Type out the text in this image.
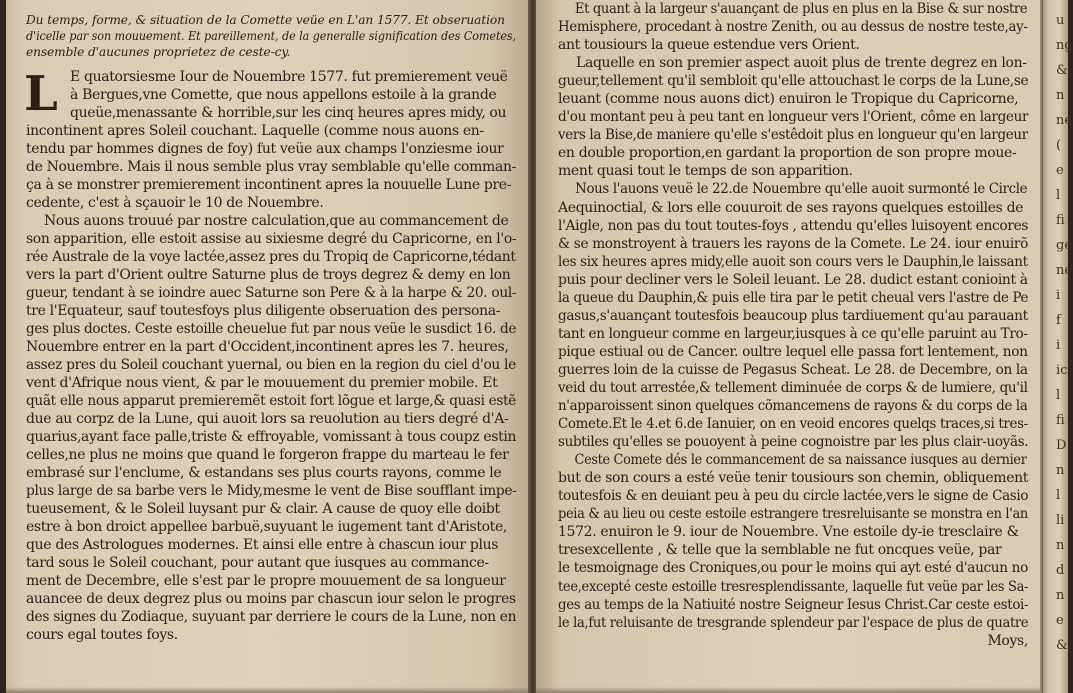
Du temps, forme, & situation de la Comette veüe en L'an 1577. Et obseruation
d'icelle par son mouuement. Et pareillement, de la generalle signification des Cometes,
ensemble d'aucunes proprietez de ceste-cy.
L E quatorsiesme Iour de Nouembre 1577. fut premierement veuë
à Bergues,vne Comette, que nous appellons estoile à la grande
queüe,menassante & horrible,sur les cinq heures apres midy, ou
incontinent apres Soleil couchant. Laquelle (comme nous auons en-
tendu par hommes dignes de foy) fut veüe aux champs l'onziesme iour
de Nouembre. Mais il nous semble plus vray semblable qu'elle comman-
ça à se monstrer premierement incontinent apres la nouuelle Lune pre-
cedente, c'est à sçauoir le 10 de Nouembre.
Nous auons trouué par nostre calculation,que au commancement de
son apparition, elle estoit assise au sixiesme degré du Capricorne, en l'o-
rée Australe de la voye lactée,assez pres du Tropiq de Capricorne,tédant
vers la part d'Orient oultre Saturne plus de troys degrez & demy en lon
gueur, tendant à se ioindre auec Saturne son Pere & à la harpe & 20. oul-
tre l'Equateur, sauf toutesfoys plus diligente obseruation des persona-
ges plus doctes. Ceste estoille cheuelue fut par nous veüe le susdict 16. de
Nouembre entrer en la part d'Occident,incontinent apres les 7. heures,
assez pres du Soleil couchant yuernal, ou bien en la region du ciel d'ou le
vent d'Afrique nous vient, & par le mouuement du premier mobile. Et
quãt elle nous apparut premieremẽt estoit fort lõgue et large,& quasi estẽ
due au corpz de la Lune, qui auoit lors sa reuolution au tiers degré d'A-
quarius,ayant face palle,triste & effroyable, vomissant à tous coupz estin
celles,ne plus ne moins que quand le forgeron frappe du marteau le fer
embrasé sur l'enclume, & estandans ses plus courts rayons, comme le
plus large de sa barbe vers le Midy,mesme le vent de Bise soufflant impe-
tueusement, & le Soleil luysant pur & clair. A cause de quoy elle doibt
estre à bon droict appellee barbuë,suyuant le iugement tant d'Aristote,
que des Astrologues modernes. Et ainsi elle entre à chascun iour plus
tard sous le Soleil couchant, pour autant que iusques au commance-
ment de Decembre, elle s'est par le propre mouuement de sa longueur
auancee de deux degrez plus ou moins par chascun iour selon le progres
des signes du Zodiaque, suyuant par derriere le cours de la Lune, non en
cours egal toutes foys.
Et quant à la largeur s'auançant de plus en plus en la Bise & sur nostre
Hemisphere, procedant à nostre Zenith, ou au dessus de nostre teste,ay-
ant tousiours la queue estendue vers Orient.
Laquelle en son premier aspect auoit plus de trente degrez en lon-
gueur,tellement qu'il sembloit qu'elle attouchast le corps de la Lune,se
leuant (comme nous auons dict) enuiron le Tropique du Capricorne,
d'ou montant peu à peu tant en longueur vers l'Orient, côme en largeur
vers la Bise,de maniere qu'elle s'estêdoit plus en longueur qu'en largeur
en double proportion,en gardant la proportion de son propre moue-
ment quasi tout le temps de son apparition.
Nous l'auons veuë le 22.de Nouembre qu'elle auoit surmonté le Circle
Aequinoctial, & lors elle couuroit de ses rayons quelques estoilles de
l'Aigle, non pas du tout toutes-foys , attendu qu'elles luisoyent encores
& se monstroyent à trauers les rayons de la Comete. Le 24. iour enuirõ
les six heures apres midy,elle auoit son cours vers le Dauphin,le laissant
puis pour decliner vers le Soleil leuant. Le 28. dudict estant conioint à
la queue du Dauphin,& puis elle tira par le petit cheual vers l'astre de Pe
gasus,s'auançant toutesfois beaucoup plus tardiuement qu'au parauant
tant en longueur comme en largeur,iusques à ce qu'elle paruint au Tro-
pique estiual ou de Cancer. oultre lequel elle passa fort lentement, non
guerres loin de la cuisse de Pegasus Scheat. Le 28. de Decembre, on la
veid du tout arrestée,& tellement diminuée de corps & de lumiere, qu'il
n'apparoissent sinon quelques cõmancemens de rayons & du corps de la
Comete.Et le 4.et 6.de Ianuier, on en veoid encores quelqs traces,si tres-
subtiles qu'elles se pouoyent à peine cognoistre par les plus clair-uoyãs.
Ceste Comete dés le commancement de sa naissance iusques au dernier
but de son cours a esté veüe tenir tousiours son chemin, obliquement
toutesfois & en deuiant peu à peu du circle lactée,vers le signe de Casio
peia & au lieu ou ceste estoile estrangere tresreluisante se monstra en l'an
1572. enuiron le 9. iour de Nouembre. Vne estoile dy-ie tresclaire &
tresexcellente , & telle que la semblable ne fut oncques veüe, par
le tesmoignage des Croniques,ou pour le moins qui ayt esté d'aucun no
tee,excepté ceste estoille tresresplendissante, laquelle fut veüe par les Sa-
ges au temps de la Natiuité nostre Seigneur Iesus Christ.Car ceste estoi-
le la,fut reluisante de tresgrande splendeur par l'espace de plus de quatre
Moys,
u
ng
&
n
ne
(
e
l
fi
ge
ne
i
f
i
ic
l
fi
D
n
l
li
n
d
n
e
&
